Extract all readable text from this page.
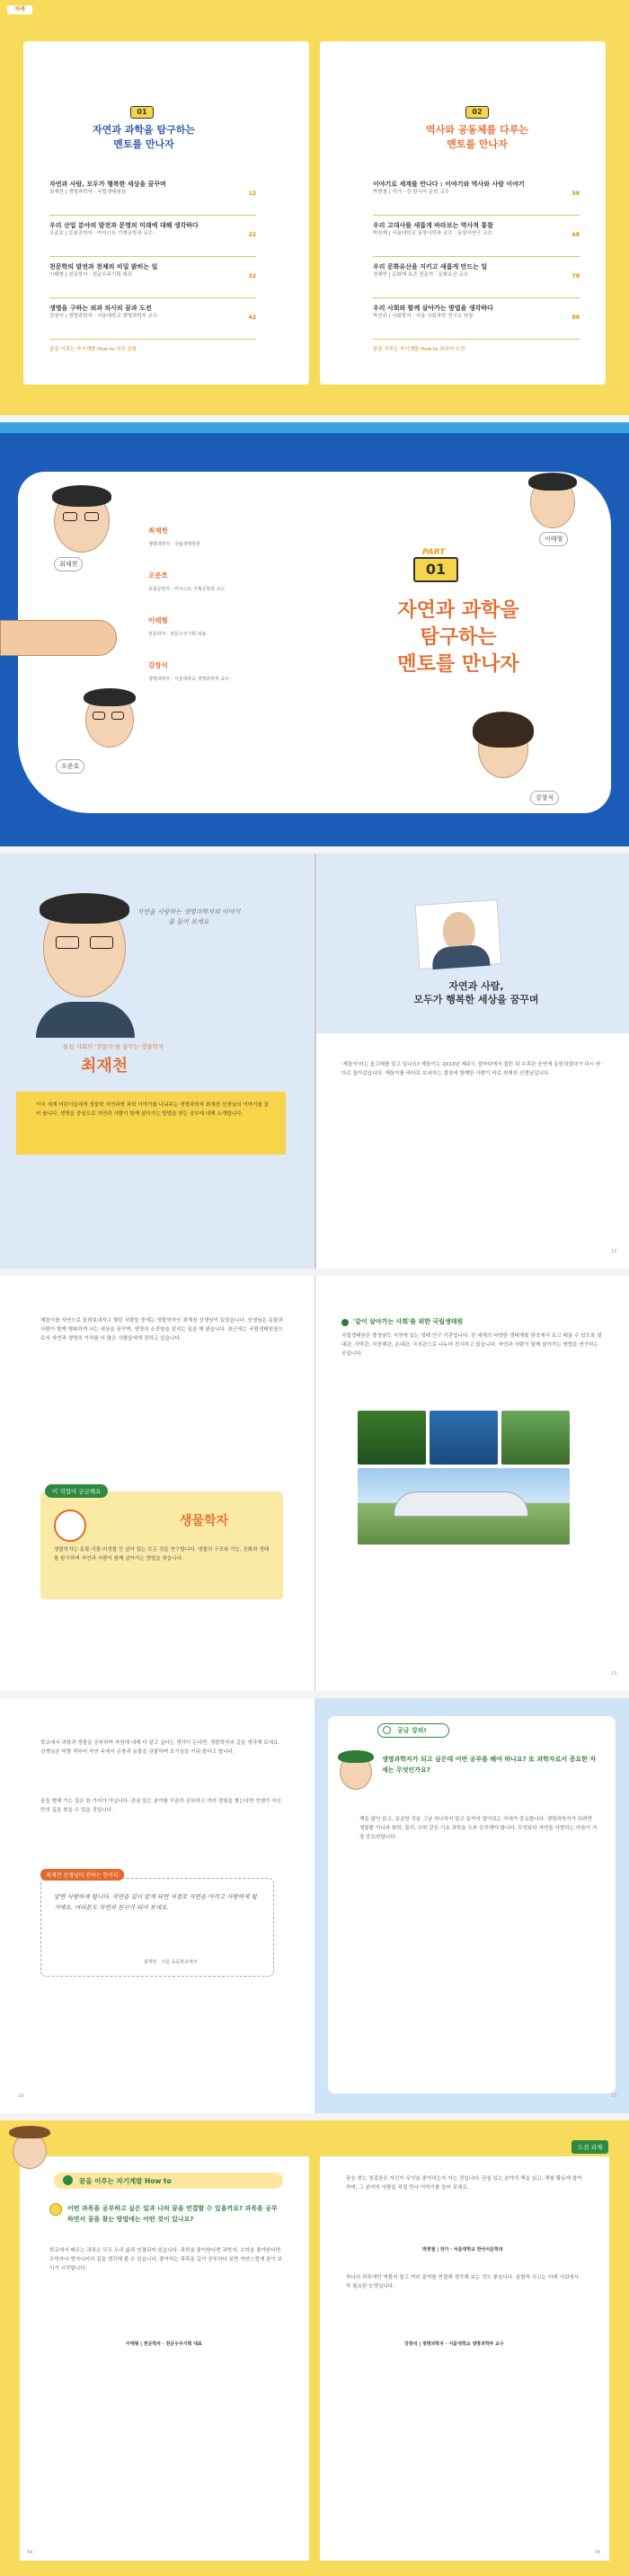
차례
01
자연과 과학을 탐구하는
멘토를 만나자
자연과 사람, 모두가 행복한 세상을 꿈꾸며
최재천 | 생명과학자 · 국립생태원장	12
우리 산업 분야의 발전과 문명의 미래에 대해 생각하다
오준호 | 로봇공학자 · 카이스트 기계공학과 교수	22
천문학의 발전과 천체의 비밀 밝히는 일
이태형 | 천문학자 · 천문우주기획 대표	32
생명을 구하는 외과 의사의 꿈과 도전
강창석 | 생명과학자 · 서울대학교 생명과학부 교수	42
꿈을 이루는 자기계발 How to 자신 관찰
02
역사와 공동체를 다루는
멘토를 만나자
이야기로 세계를 만나다 : 이야기와 역사와 사람 이야기
박현철 | 작가 · 전 한국어 문학 교수	58
우리 고대사를 새롭게 바라보는 역사적 통찰
박한제 | 서울대학교 동양사학과 교수 · 동양사연구 교수	68
우리 문화유산을 지키고 새롭게 만드는 일
정해빈 | 문화재 보존 전문가 · 문화유산 교수	78
우리 사회와 함께 살아가는 방법을 생각하다
박인규 | 사회학자 · 서울 사회과학 연구소 원장	88
꿈을 이루는 자기계발 How to 외국어 도전
최재천
이태형
오준호
강창석
최재천
생명과학자 · 국립생태원장
오준호
로봇공학자 · 카이스트 기계공학과 교수
이태형
천문학자 · 천문우주기획 대표
강창석
생명과학자 · 서울대학교 생명과학부 교수
PART
01
자연과 과학을
탐구하는
멘토를 만나자
자연을 사랑하는 생명과학자의 이야기를 들어 보세요
통섭 사회의 '전문가'를 꿈꾸는 생물학자
최재천
이국 세계 어린이들에게 생물학 자연과학 과학 이야기를 나눠주는 생명과학자 최재천 선생님의 이야기를 들어 봅니다. 생명을 중심으로 자연과 사람이 함께 살아가는 방법을 찾는 공부에 대해 소개합니다.
자연과 사람,
모두가 행복한 세상을 꿈꾸며
'제돌이'라는 돌고래를 알고 있나요? 제돌이는 2013년 제주도 앞바다에서 잡힌 뒤 수족관 공연에 동원되었다가 다시 바다로 돌아갔습니다. 제돌이를 바다로 보내자는 결정에 함께한 사람이 바로 최재천 선생님입니다.
13
제돌이를 자연으로 돌려보내자고 했던 사람들 중에는 생물학자인 최재천 선생님이 있었습니다. 선생님은 동물과 사람이 함께 행복하게 사는 세상을 꿈꾸며, 생명의 소중함을 알리는 일을 해 왔습니다. 최근에는 국립생태원장으로서 자연과 생명의 가치를 더 많은 사람들에게 전하고 있습니다.
이 직업이 궁금해요
생물학자
생물학자는 동물·식물·미생물 등 살아 있는 모든 것을 연구합니다. 생물의 구조와 기능, 진화와 생태를 탐구하며 자연과 사람이 함께 살아가는 방법을 찾습니다.
'같이 살아가는 사회'를 위한 국립생태원
국립생태원은 충청남도 서천에 있는 생태 연구 기관입니다. 전 세계의 다양한 생태계를 한곳에서 보고 배울 수 있도록 열대관, 사막관, 지중해관, 온대관, 극지관으로 나누어 전시하고 있습니다. 자연과 사람이 함께 살아가는 방법을 연구하는 곳입니다.
15
학교에서 과학과 생물을 공부하며 자연에 대해 더 알고 싶다는 생각이 든다면, 생물학자의 길을 생각해 보세요. 선생님은 어릴 적부터 자연 속에서 곤충과 동물을 관찰하며 호기심을 키워 왔다고 합니다.
꿈을 향해 가는 길은 한 가지가 아닙니다. 관심 있는 분야를 꾸준히 공부하고 여러 경험을 쌓는다면 언젠가 자신만의 길을 찾을 수 있을 것입니다.
최재천 선생님이 전하는 한마디
알면 사랑하게 됩니다. 자연을 깊이 알게 되면 저절로 자연을 아끼고 사랑하게 될 거예요. 여러분도 자연과 친구가 되어 보세요.
최재천 · 서울 초등학교에서
궁금 강의!
생명과학자가 되고 싶은데 어떤 공부를 해야 하나요? 또 과학자로서 중요한 자세는 무엇인가요?
책을 많이 읽고, 궁금한 것을 그냥 지나치지 말고 끝까지 알아보는 자세가 중요합니다. 생명과학자가 되려면 생물뿐 아니라 화학, 물리, 수학 같은 기초 과학을 두루 공부해야 합니다. 무엇보다 자연을 사랑하는 마음이 가장 중요하답니다.
16	17
도전 과제
꿈을 이루는 자기계발 How to
어떤 과목을 공부하고 싶은 일과 나의 꿈을 연결할 수 있을까요? 과목을 공부하면서 꿈을 찾는 방법에는 어떤 것이 있나요?
학교에서 배우는 과목은 모두 우리 삶과 연결되어 있습니다. 과학을 좋아한다면 과학자, 수학을 좋아한다면 수학자나 엔지니어의 길을 생각해 볼 수 있습니다. 좋아하는 과목을 깊이 공부하다 보면 자연스럽게 꿈이 보이기 시작합니다.
이태형 | 천문학자 · 천문우주기획 대표
꿈을 찾는 첫걸음은 자신이 무엇을 좋아하는지 아는 것입니다. 관심 있는 분야의 책을 읽고, 체험 활동에 참여하며, 그 분야의 사람을 직접 만나 이야기를 들어 보세요.
박현철 | 작가 · 서울대학교 한국어문학과
하나의 과목에만 머물지 말고 여러 분야를 연결해 생각해 보는 것도 좋습니다. 융합적 사고는 미래 사회에서 꼭 필요한 능력입니다.
강창석 | 생명과학자 · 서울대학교 생명과학부 교수
44	45
